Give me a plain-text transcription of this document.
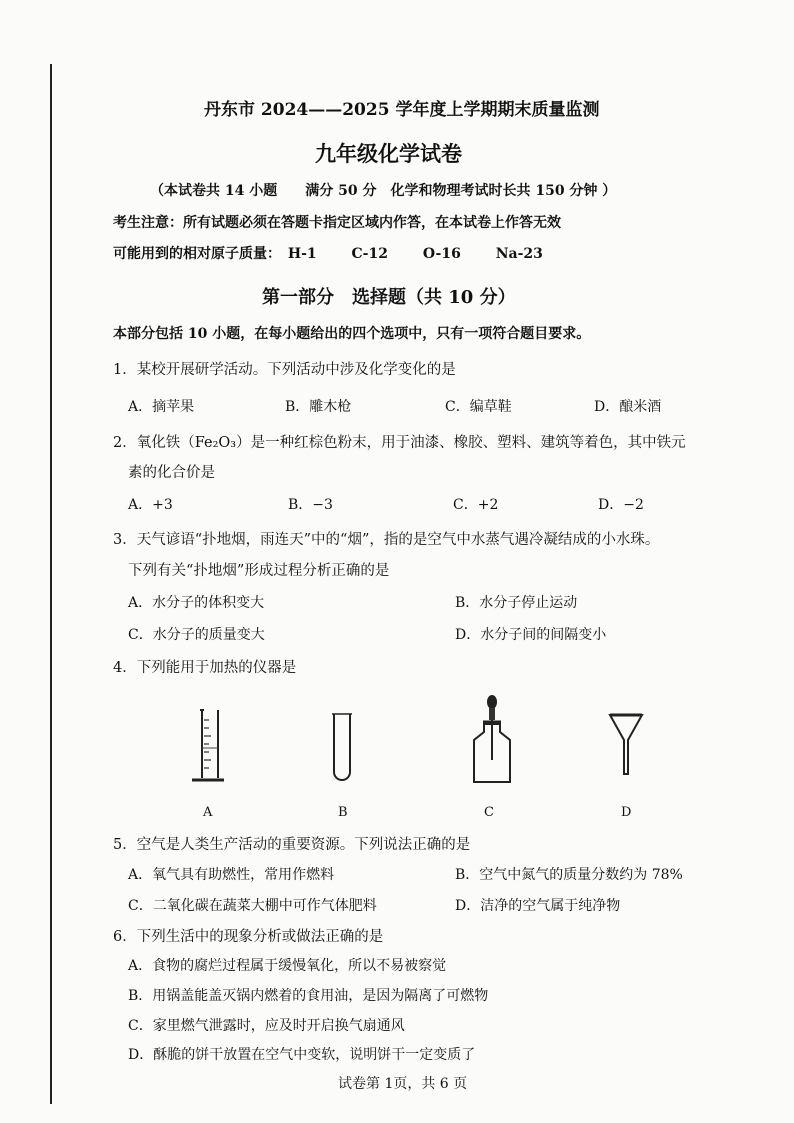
丹东市 2024——2025 学年度上学期期末质量监测
九年级化学试卷
（本试卷共 14 小题　　满分 50 分　化学和物理考试时长共 150 分钟 ）
考生注意：所有试题必须在答题卡指定区域内作答，在本试卷上作答无效
可能用到的相对原子质量： H-1 C-12 O-16 Na-23
第一部分　选择题（共 10 分）
本部分包括 10 小题，在每小题给出的四个选项中，只有一项符合题目要求。
1．某校开展研学活动。下列活动中涉及化学变化的是
A．摘苹果	B．雕木枪	C．编草鞋	D．酿米酒
2．氧化铁（Fe₂O₃）是一种红棕色粉末，用于油漆、橡胶、塑料、建筑等着色，其中铁元
素的化合价是
A．+3	B．−3	C．+2	D．−2
3．天气谚语“扑地烟，雨连天”中的“烟”，指的是空气中水蒸气遇冷凝结成的小水珠。
下列有关“扑地烟”形成过程分析正确的是
A．水分子的体积变大	B．水分子停止运动
C．水分子的质量变大	D．水分子间的间隔变小
4．下列能用于加热的仪器是
A	B	C	D
5．空气是人类生产活动的重要资源。下列说法正确的是
A．氧气具有助燃性，常用作燃料	B．空气中氮气的质量分数约为 78%
C．二氧化碳在蔬菜大棚中可作气体肥料	D．洁净的空气属于纯净物
6．下列生活中的现象分析或做法正确的是
A．食物的腐烂过程属于缓慢氧化，所以不易被察觉
B．用锅盖能盖灭锅内燃着的食用油，是因为隔离了可燃物
C．家里燃气泄露时，应及时开启换气扇通风
D．酥脆的饼干放置在空气中变软，说明饼干一定变质了
试卷第 1页，共 6 页
